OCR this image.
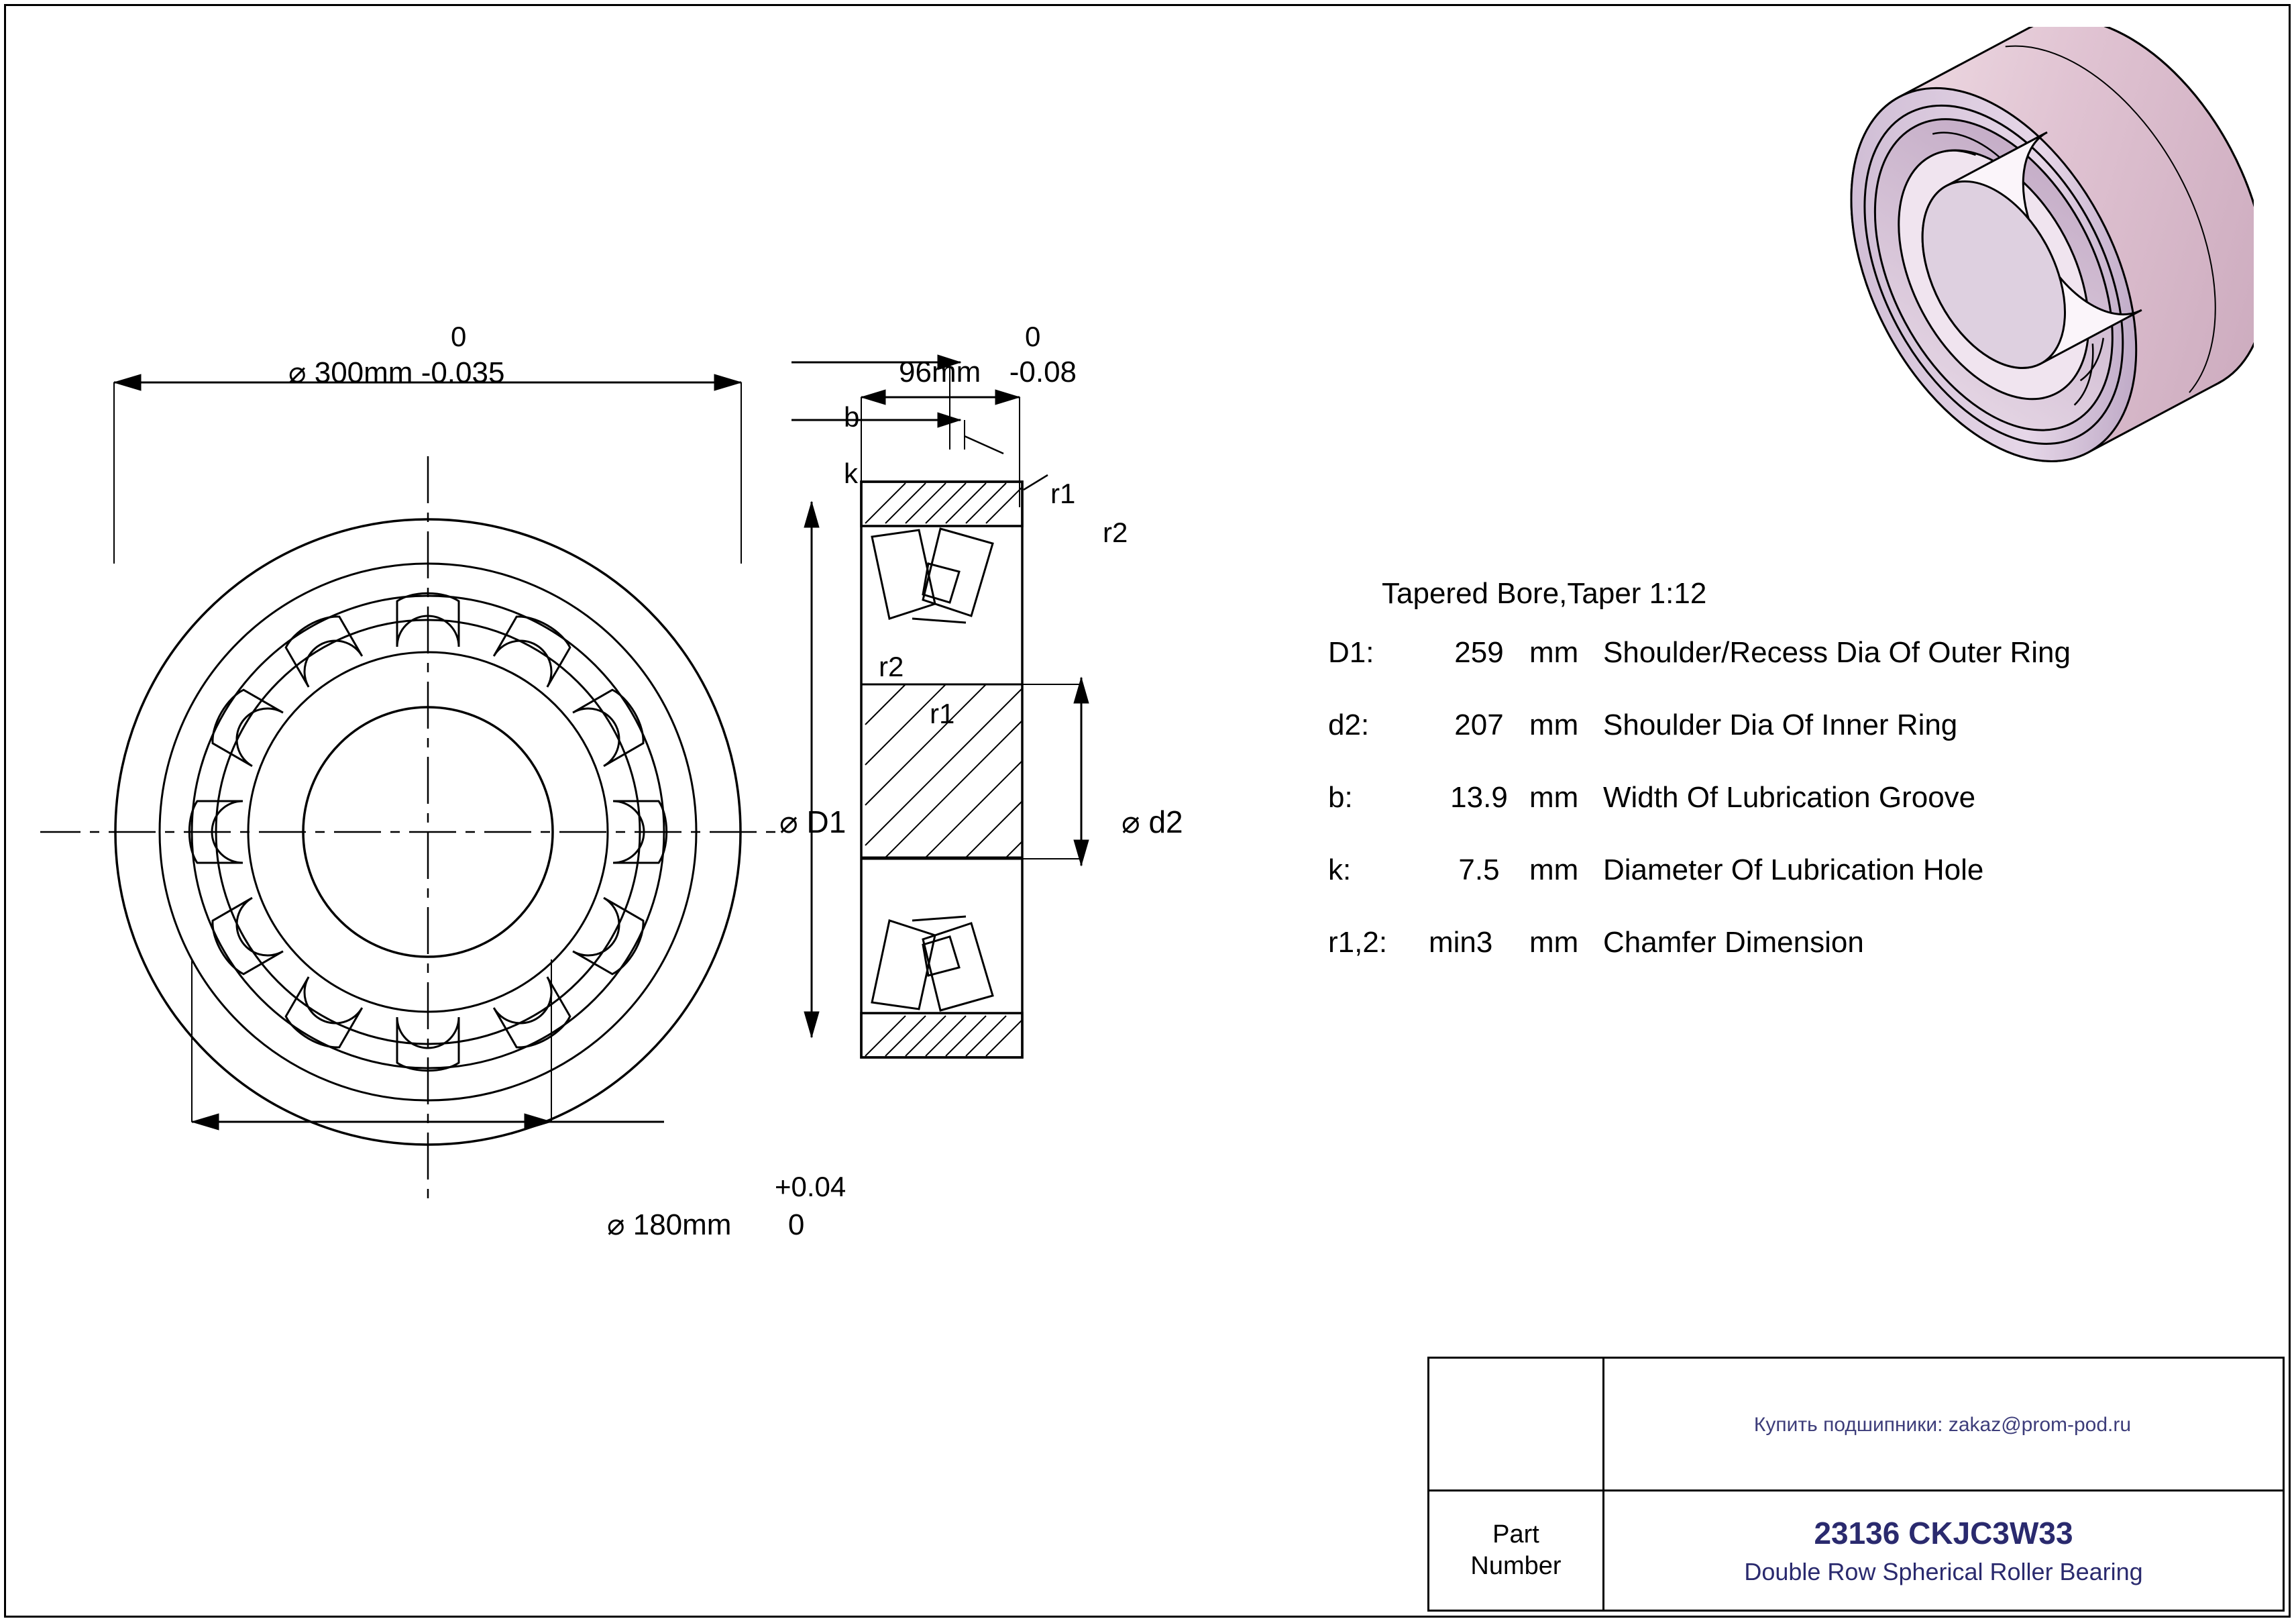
0
⌀ 300mm -0.035
+0.04
⌀ 180mm 0
0
96mm -0.08
b
k
r1
r2
r2
r1
⌀ D1	⌀ d2
Tapered Bore,Taper 1:12
D1:	259 mm Shoulder/Recess Dia Of Outer Ring
d2:	207 mm Shoulder Dia Of Inner Ring
b:	13.9 mm Width Of Lubrication Groove
k:	7.5	mm Diameter Of Lubrication Hole
r1,2:	min3	mm Chamfer Dimension
Купить подшипники: zakaz@prom-pod.ru
Part
Number
23136 CKJC3W33
Double Row Spherical Roller Bearing
